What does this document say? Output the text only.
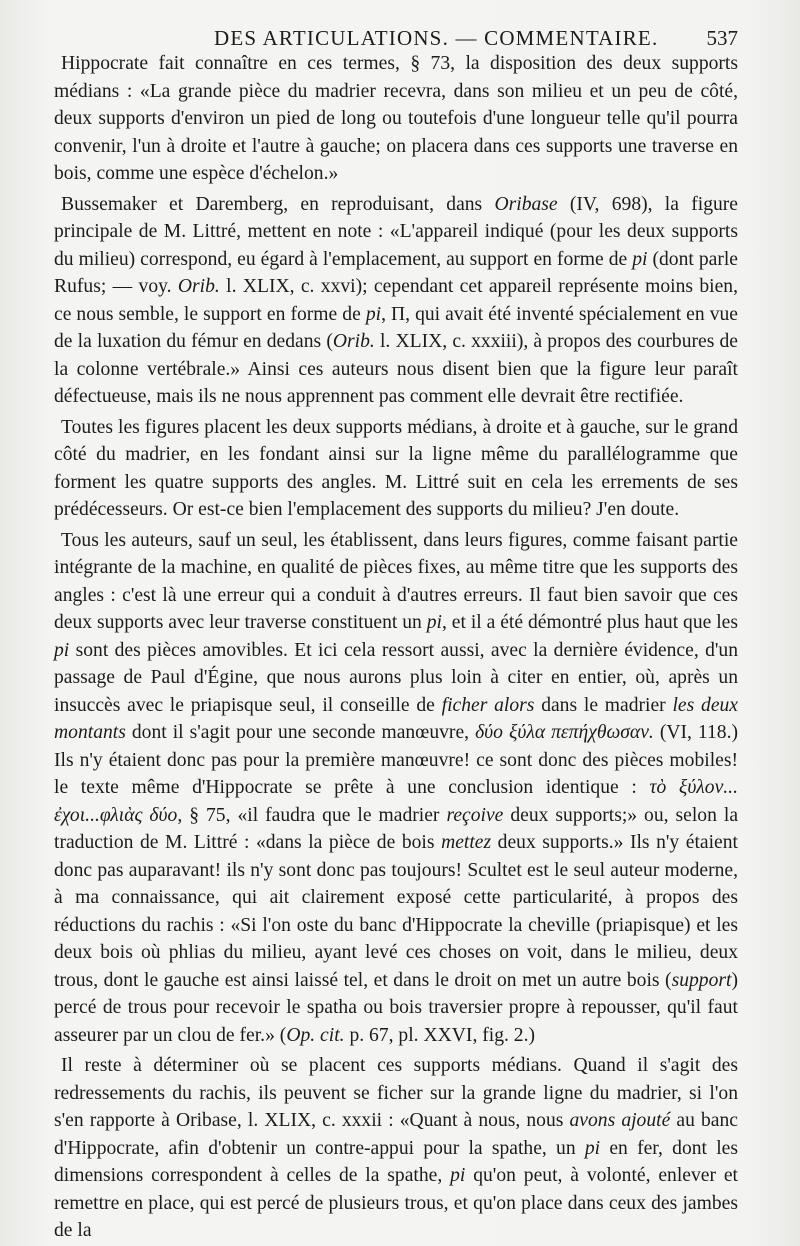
DES ARTICULATIONS. — COMMENTAIRE. 537

Hippocrate fait connaître en ces termes, § 73, la disposition des deux supports médians : «La grande pièce du madrier recevra, dans son milieu et un peu de côté, deux supports d'environ un pied de long ou toutefois d'une longueur telle qu'il pourra convenir, l'un à droite et l'autre à gauche; on placera dans ces supports une traverse en bois, comme une espèce d'échelon.»

Bussemaker et Daremberg, en reproduisant, dans Oribase (IV, 698), la figure principale de M. Littré, mettent en note : «L'appareil indiqué (pour les deux supports du milieu) correspond, eu égard à l'emplacement, au support en forme de pi (dont parle Rufus; — voy. Orib. l. XLIX, c. xxvi); cependant cet appareil représente moins bien, ce nous semble, le support en forme de pi, Π, qui avait été inventé spécialement en vue de la luxation du fémur en dedans (Orib. l. XLIX, c. xxxiii), à propos des courbures de la colonne vertébrale.» Ainsi ces auteurs nous disent bien que la figure leur paraît défectueuse, mais ils ne nous apprennent pas comment elle devrait être rectifiée.

Toutes les figures placent les deux supports médians, à droite et à gauche, sur le grand côté du madrier, en les fondant ainsi sur la ligne même du parallélogramme que forment les quatre supports des angles. M. Littré suit en cela les errements de ses prédécesseurs. Or est-ce bien l'emplacement des supports du milieu? J'en doute.

Tous les auteurs, sauf un seul, les établissent, dans leurs figures, comme faisant partie intégrante de la machine, en qualité de pièces fixes, au même titre que les supports des angles : c'est là une erreur qui a conduit à d'autres erreurs. Il faut bien savoir que ces deux supports avec leur traverse constituent un pi, et il a été démontré plus haut que les pi sont des pièces amovibles. Et ici cela ressort aussi, avec la dernière évidence, d'un passage de Paul d'Égine, que nous aurons plus loin à citer en entier, où, après un insuccès avec le priapisque seul, il conseille de ficher alors dans le madrier les deux montants dont il s'agit pour une seconde manœuvre, δύο ξύλα πεπήχθωσαν. (VI, 118.) Ils n'y étaient donc pas pour la première manœuvre! ce sont donc des pièces mobiles! le texte même d'Hippocrate se prête à une conclusion identique : τὸ ξύλον... ἐχοι...φλιὰς δύο, § 75, «il faudra que le madrier reçoive deux supports;» ou, selon la traduction de M. Littré : «dans la pièce de bois mettez deux supports.» Ils n'y étaient donc pas auparavant! ils n'y sont donc pas toujours! Scultet est le seul auteur moderne, à ma connaissance, qui ait clairement exposé cette particularité, à propos des réductions du rachis : «Si l'on oste du banc d'Hippocrate la cheville (priapisque) et les deux bois où phlias du milieu, ayant levé ces choses on voit, dans le milieu, deux trous, dont le gauche est ainsi laissé tel, et dans le droit on met un autre bois (support) percé de trous pour recevoir le spatha ou bois traversier propre à repousser, qu'il faut asseurer par un clou de fer.» (Op. cit. p. 67, pl. XXVI, fig. 2.)

Il reste à déterminer où se placent ces supports médians. Quand il s'agit des redressements du rachis, ils peuvent se ficher sur la grande ligne du madrier, si l'on s'en rapporte à Oribase, l. XLIX, c. xxxii : «Quant à nous, nous avons ajouté au banc d'Hippocrate, afin d'obtenir un contre-appui pour la spathe, un pi en fer, dont les dimensions correspondent à celles de la spathe, pi qu'on peut, à volonté, enlever et remettre en place, qui est percé de plusieurs trous, et qu'on place dans ceux des jambes de la
